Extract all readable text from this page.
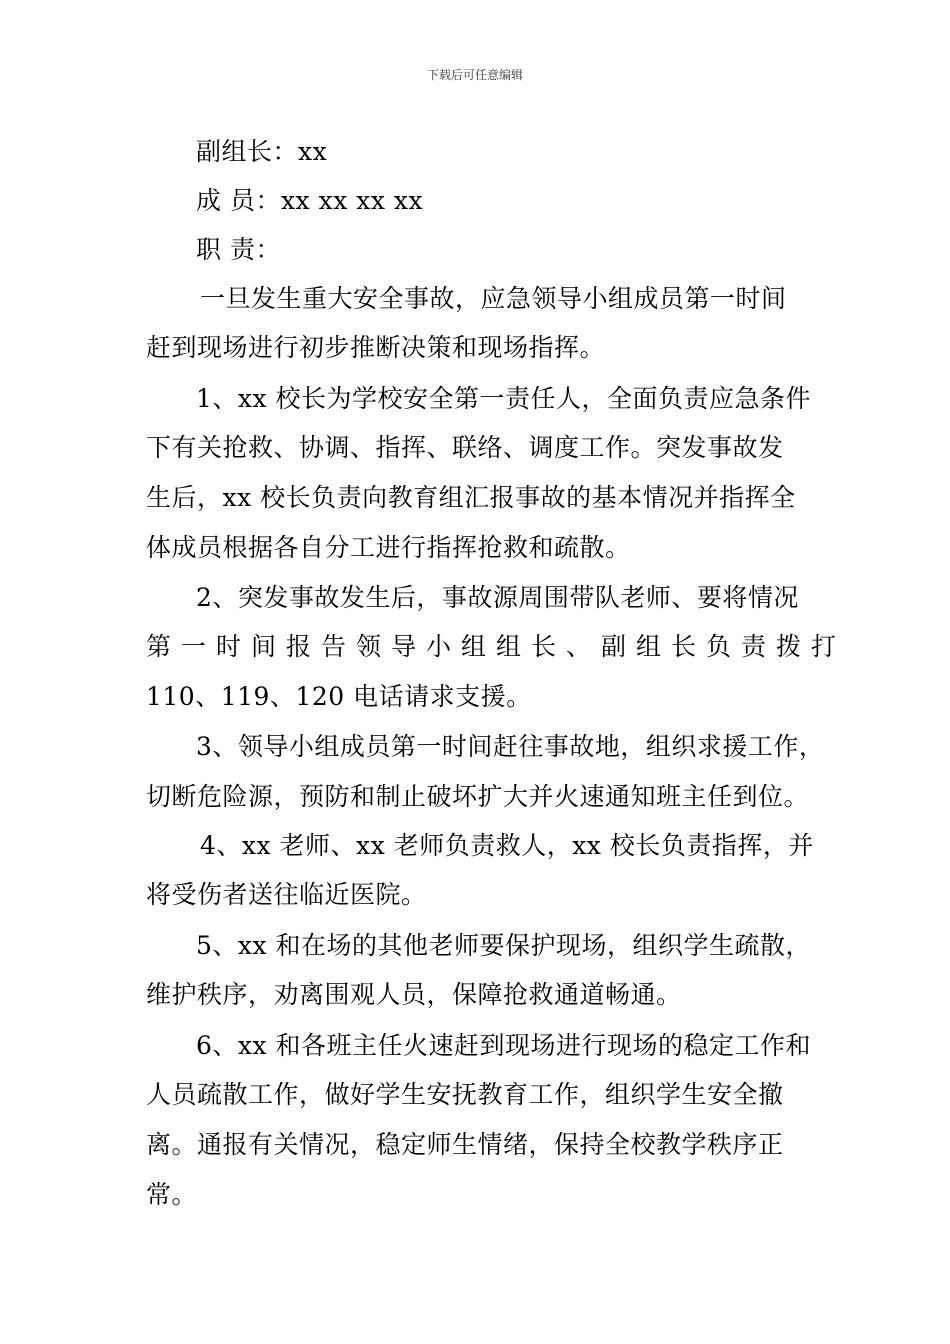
下载后可任意编辑
副组长：xx
成 员：xx xx xx xx
职 责：
一旦发生重大安全事故，应急领导小组成员第一时间
赶到现场进行初步推断决策和现场指挥。
1、xx 校长为学校安全第一责任人，全面负责应急条件
下有关抢救、协调、指挥、联络、调度工作。突发事故发
生后，xx 校长负责向教育组汇报事故的基本情况并指挥全
体成员根据各自分工进行指挥抢救和疏散。
2、突发事故发生后，事故源周围带队老师、要将情况
第一时间报告领导小组组长、副组长负责拨打
110、119、120 电话请求支援。
3、领导小组成员第一时间赶往事故地，组织求援工作，
切断危险源，预防和制止破坏扩大并火速通知班主任到位。
4、xx 老师、xx 老师负责救人，xx 校长负责指挥，并
将受伤者送往临近医院。
5、xx 和在场的其他老师要保护现场，组织学生疏散，
维护秩序，劝离围观人员，保障抢救通道畅通。
6、xx 和各班主任火速赶到现场进行现场的稳定工作和
人员疏散工作，做好学生安抚教育工作，组织学生安全撤
离。通报有关情况，稳定师生情绪，保持全校教学秩序正
常。
